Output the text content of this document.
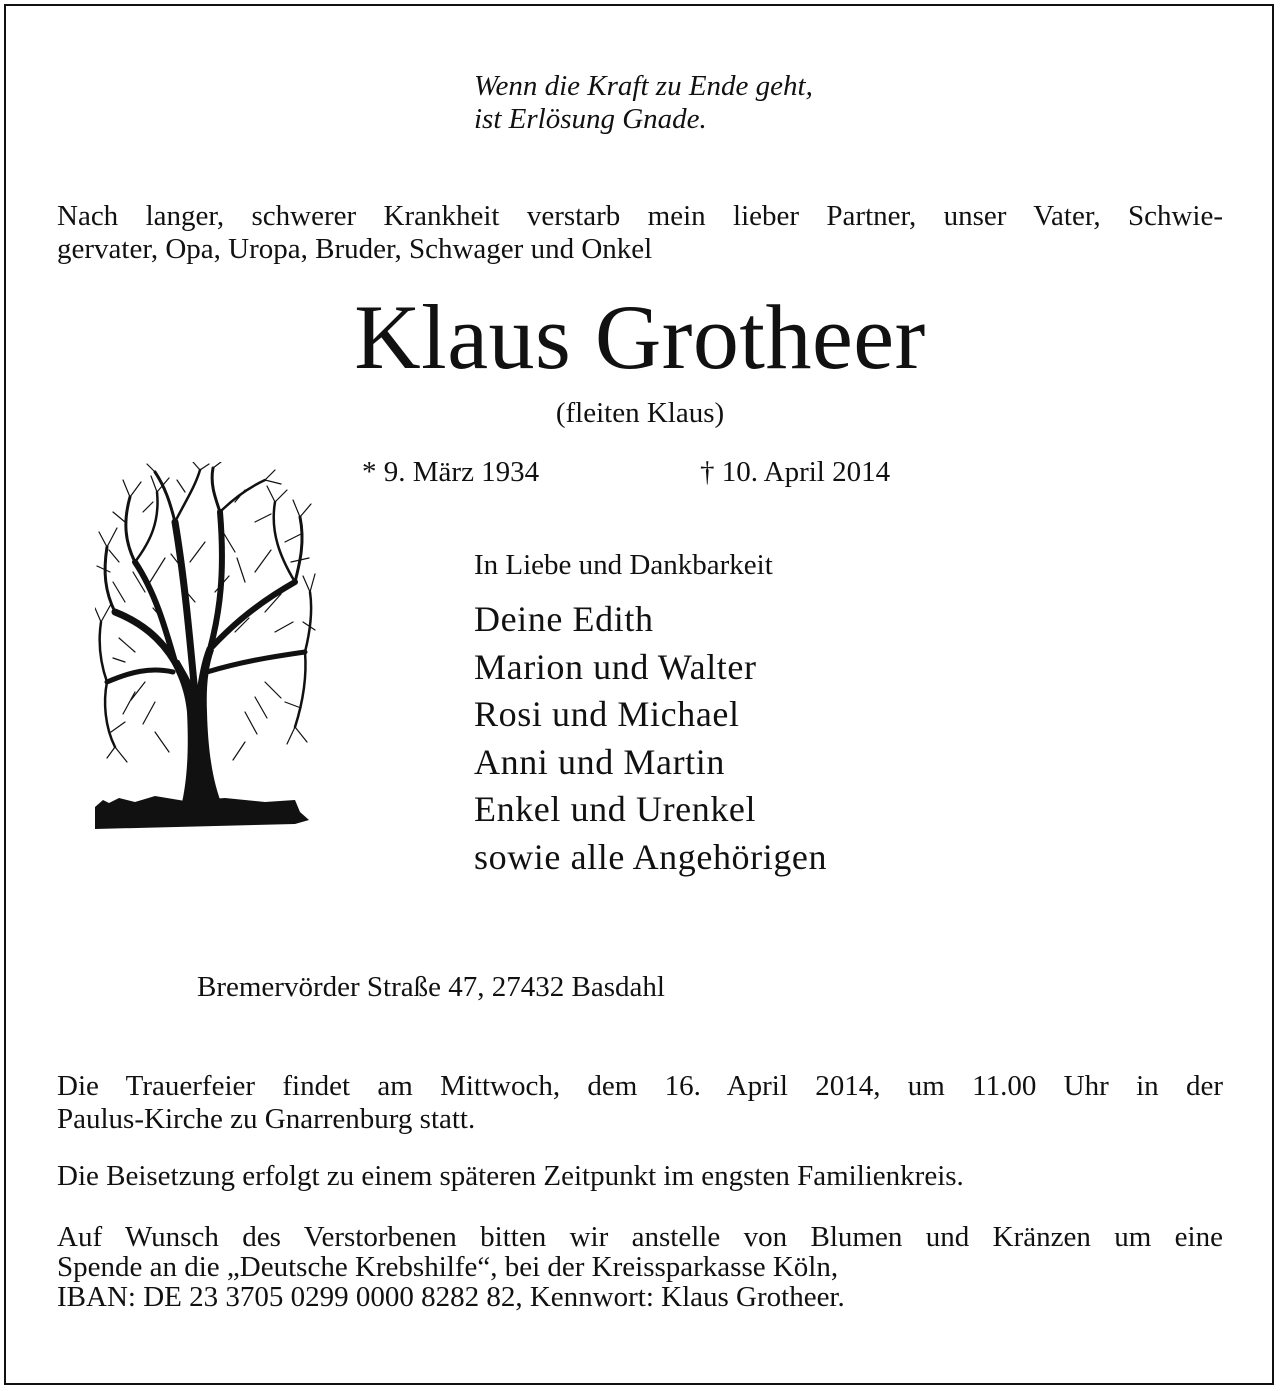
Wenn die Kraft zu Ende geht,
ist Erlösung Gnade.
Nach langer, schwerer Krankheit verstarb mein lieber Partner, unser Vater, Schwie-
gervater, Opa, Uropa, Bruder, Schwager und Onkel
Klaus Grotheer
(fleiten Klaus)
* 9. März 1934	† 10. April 2014
In Liebe und Dankbarkeit
Deine Edith
Marion und Walter
Rosi und Michael
Anni und Martin
Enkel und Urenkel
sowie alle Angehörigen
Bremervörder Straße 47, 27432 Basdahl
Die Trauerfeier findet am Mittwoch, dem 16. April 2014, um 11.00 Uhr in der
Paulus-Kirche zu Gnarrenburg statt.
Die Beisetzung erfolgt zu einem späteren Zeitpunkt im engsten Familienkreis.
Auf Wunsch des Verstorbenen bitten wir anstelle von Blumen und Kränzen um eine
Spende an die „Deutsche Krebshilfe“, bei der Kreissparkasse Köln,
IBAN: DE 23 3705 0299 0000 8282 82, Kennwort: Klaus Grotheer.
